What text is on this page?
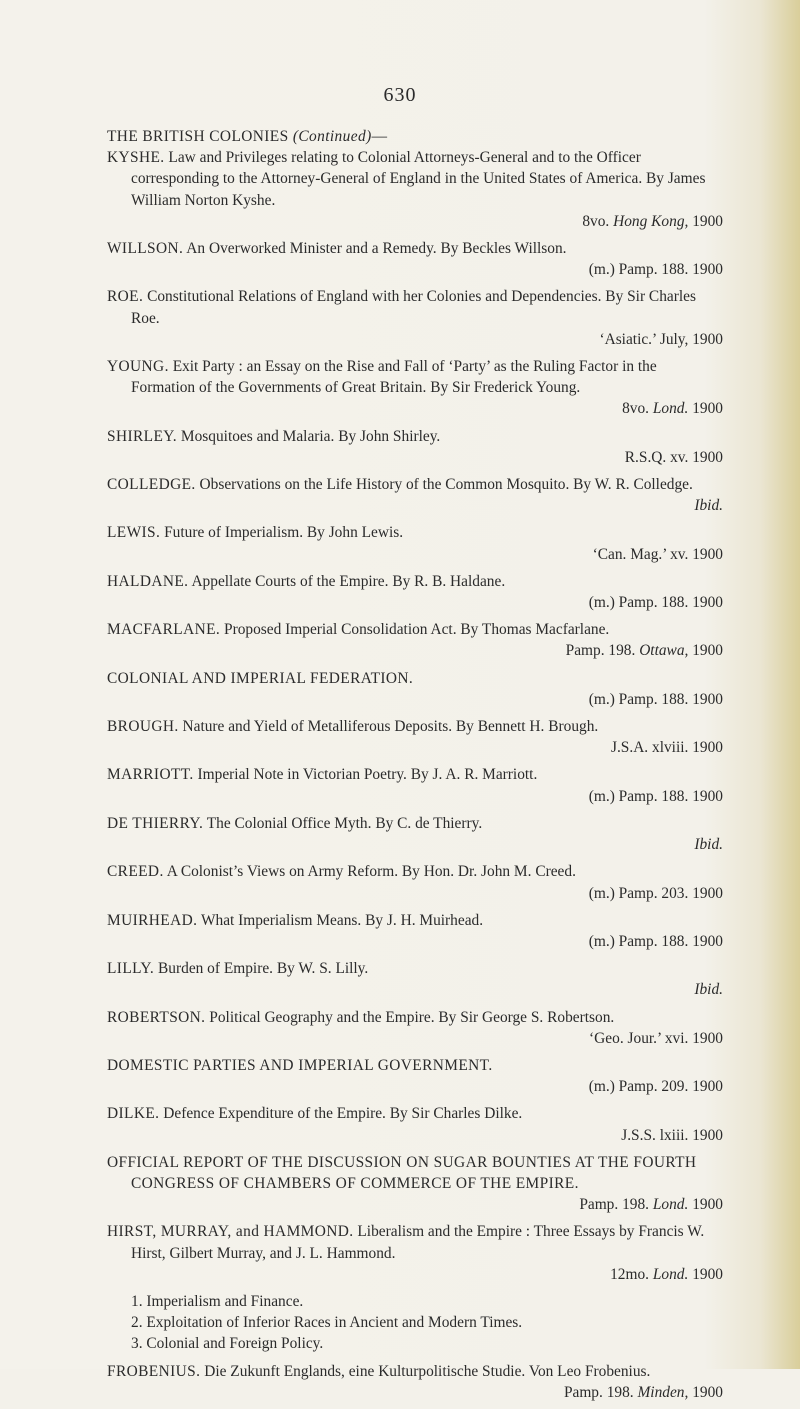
630

THE BRITISH COLONIES (Continued)—

KYSHE. Law and Privileges relating to Colonial Attorneys-General and to the Officer corresponding to the Attorney-General of England in the United States of America. By James William Norton Kyshe.
8vo. Hong Kong, 1900

WILLSON. An Overworked Minister and a Remedy. By Beckles Willson.
(m.) Pamp. 188. 1900

ROE. Constitutional Relations of England with her Colonies and Dependencies. By Sir Charles Roe.
‘Asiatic.’ July, 1900

YOUNG. Exit Party : an Essay on the Rise and Fall of ‘Party’ as the Ruling Factor in the Formation of the Governments of Great Britain. By Sir Frederick Young.
8vo. Lond. 1900

SHIRLEY. Mosquitoes and Malaria. By John Shirley.
R.S.Q. xv. 1900

COLLEDGE. Observations on the Life History of the Common Mosquito. By W. R. Colledge.
Ibid.

LEWIS. Future of Imperialism. By John Lewis.
‘Can. Mag.’ xv. 1900

HALDANE. Appellate Courts of the Empire. By R. B. Haldane.
(m.) Pamp. 188. 1900

MACFARLANE. Proposed Imperial Consolidation Act. By Thomas Macfarlane.
Pamp. 198. Ottawa, 1900

COLONIAL AND IMPERIAL FEDERATION.
(m.) Pamp. 188. 1900

BROUGH. Nature and Yield of Metalliferous Deposits. By Bennett H. Brough.
J.S.A. xlviii. 1900

MARRIOTT. Imperial Note in Victorian Poetry. By J. A. R. Marriott.
(m.) Pamp. 188. 1900

DE THIERRY. The Colonial Office Myth. By C. de Thierry.
Ibid.

CREED. A Colonist’s Views on Army Reform. By Hon. Dr. John M. Creed.
(m.) Pamp. 203. 1900

MUIRHEAD. What Imperialism Means. By J. H. Muirhead.
(m.) Pamp. 188. 1900

LILLY. Burden of Empire. By W. S. Lilly.
Ibid.

ROBERTSON. Political Geography and the Empire. By Sir George S. Robertson.
‘Geo. Jour.’ xvi. 1900

DOMESTIC PARTIES AND IMPERIAL GOVERNMENT.
(m.) Pamp. 209. 1900

DILKE. Defence Expenditure of the Empire. By Sir Charles Dilke.
J.S.S. lxiii. 1900

OFFICIAL REPORT OF THE DISCUSSION ON SUGAR BOUNTIES AT THE FOURTH CONGRESS OF CHAMBERS OF COMMERCE OF THE EMPIRE.
Pamp. 198. Lond. 1900

HIRST, MURRAY, and HAMMOND. Liberalism and the Empire : Three Essays by Francis W. Hirst, Gilbert Murray, and J. L. Hammond.
12mo. Lond. 1900

1. Imperialism and Finance.
2. Exploitation of Inferior Races in Ancient and Modern Times.
3. Colonial and Foreign Policy.

FROBENIUS. Die Zukunft Englands, eine Kulturpolitische Studie. Von Leo Frobenius.
Pamp. 198. Minden, 1900
